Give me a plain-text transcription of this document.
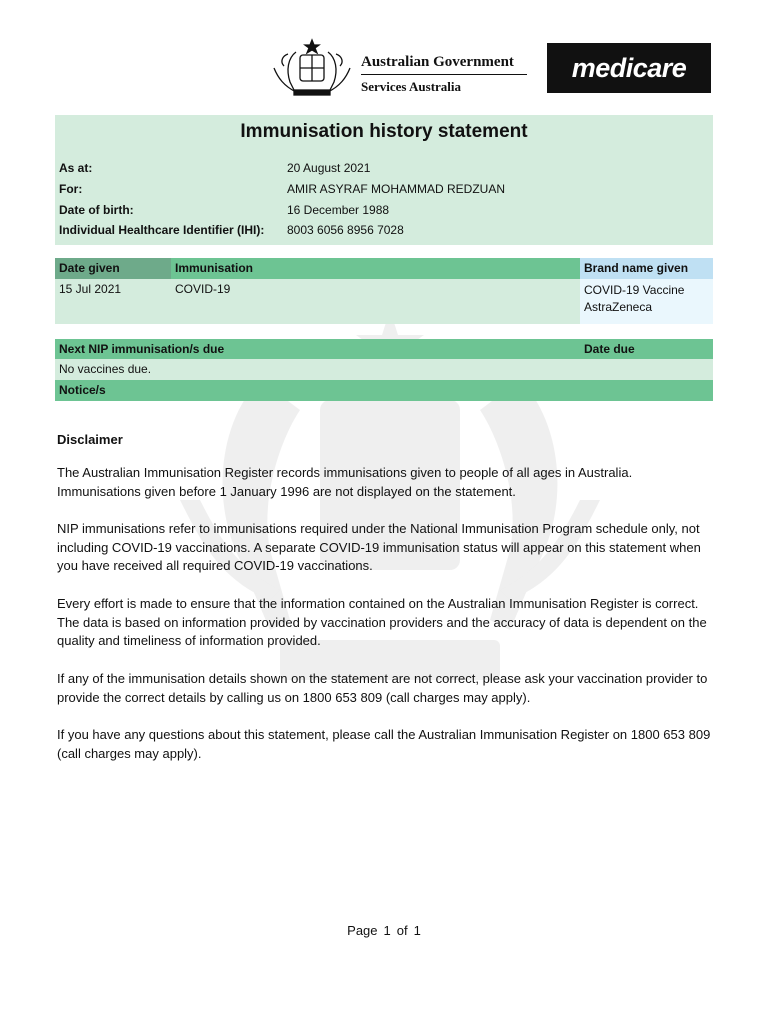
Australian Government
Services Australia
medicare
Immunisation history statement
As at:	20 August 2021
For:	AMIR ASYRAF MOHAMMAD REDZUAN
Date of birth:	16 December 1988
Individual Healthcare Identifier (IHI): 8003 6056 8956 7028
Date given	Immunisation	Brand name given
15 Jul 2021	COVID-19	COVID-19 Vaccine
AstraZeneca
Next NIP immunisation/s due	Date due
No vaccines due.
Notice/s
Disclaimer
The Australian Immunisation Register records immunisations given to people of all ages in Australia. Immunisations given before 1 January 1996 are not displayed on the statement.
NIP immunisations refer to immunisations required under the National Immunisation Program schedule only, not including COVID-19 vaccinations. A separate COVID-19 immunisation status will appear on this statement when you have received all required COVID-19 vaccinations.
Every effort is made to ensure that the information contained on the Australian Immunisation Register is correct. The data is based on information provided by vaccination providers and the accuracy of data is dependent on the quality and timeliness of information provided.
If any of the immunisation details shown on the statement are not correct, please ask your vaccination provider to provide the correct details by calling us on 1800 653 809 (call charges may apply).
If you have any questions about this statement, please call the Australian Immunisation Register on 1800 653 809 (call charges may apply).
Page 1 of 1
